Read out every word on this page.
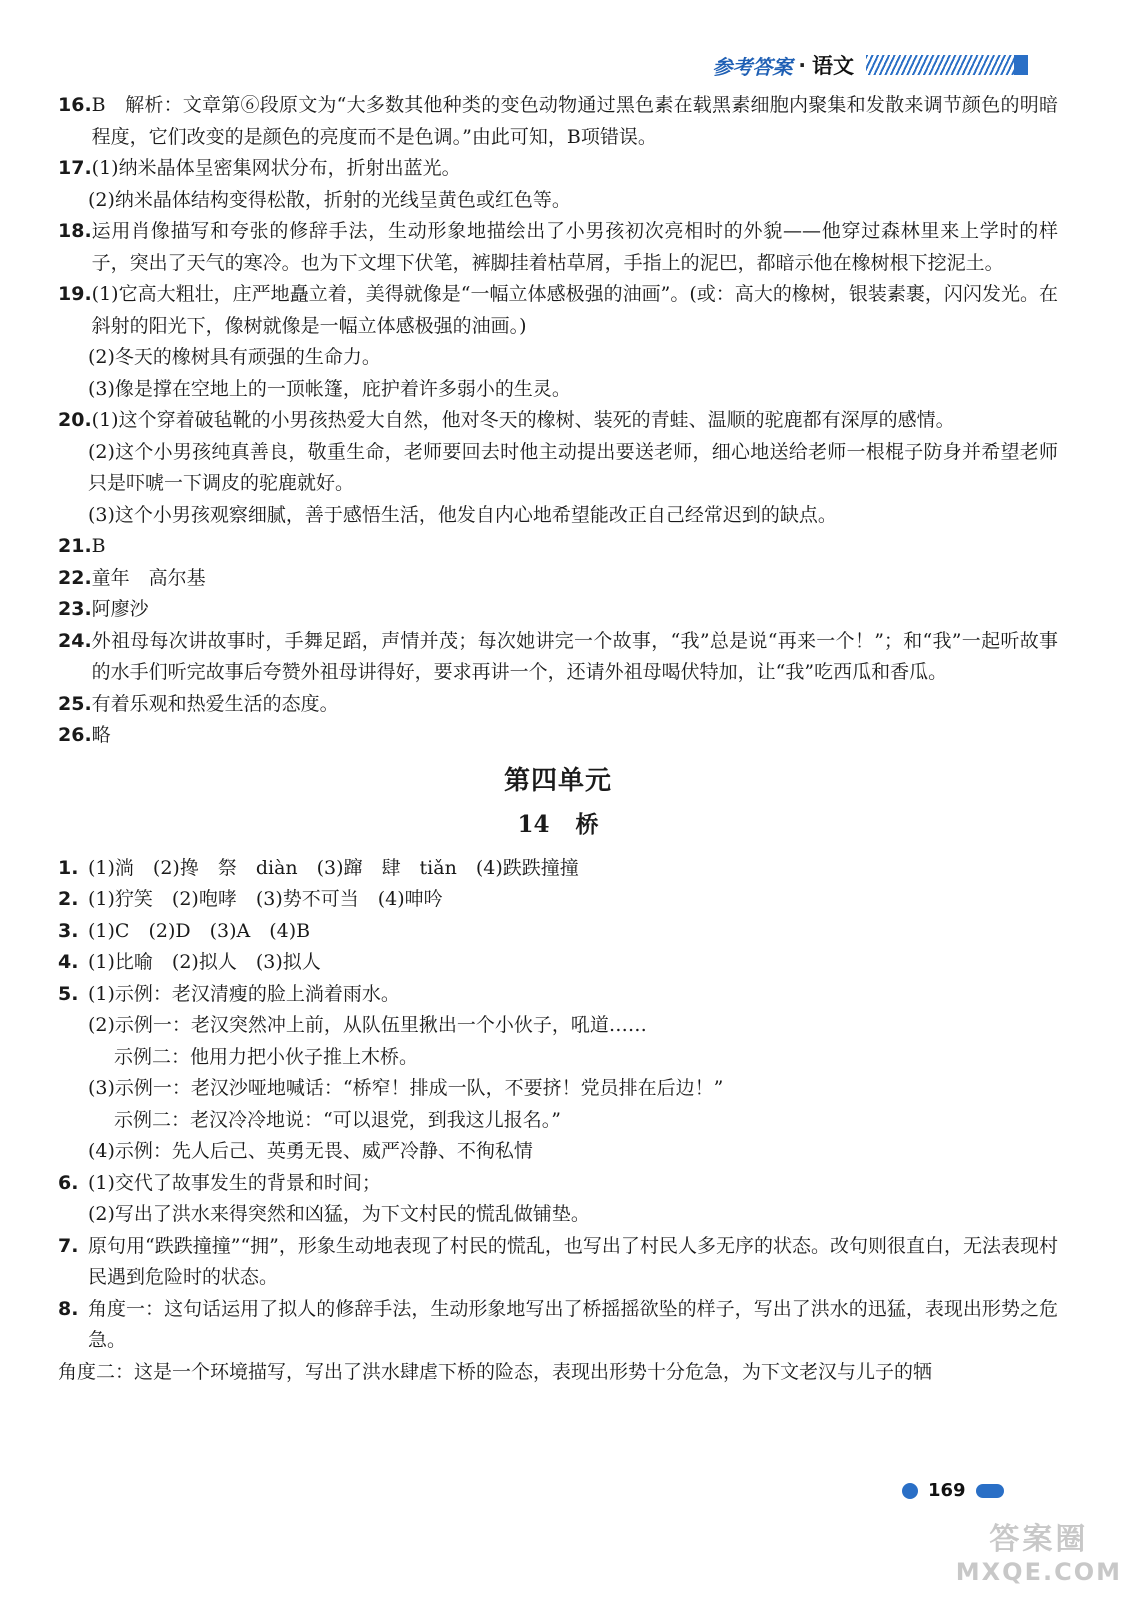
参考答案 · 语文
16. B　解析：文章第⑥段原文为“大多数其他种类的变色动物通过黑色素在载黑素细胞内聚集和发散来调节颜色的明暗程度，它们改变的是颜色的亮度而不是色调。”由此可知，B项错误。
17. (1)纳米晶体呈密集网状分布，折射出蓝光。
(2)纳米晶体结构变得松散，折射的光线呈黄色或红色等。
18. 运用肖像描写和夸张的修辞手法，生动形象地描绘出了小男孩初次亮相时的外貌——他穿过森林里来上学时的样子，突出了天气的寒冷。也为下文埋下伏笔，裤脚挂着枯草屑，手指上的泥巴，都暗示他在橡树根下挖泥土。
19. (1)它高大粗壮，庄严地矗立着，美得就像是“一幅立体感极强的油画”。(或：高大的橡树，银装素裹，闪闪发光。在斜射的阳光下，像树就像是一幅立体感极强的油画。)
(2)冬天的橡树具有顽强的生命力。
(3)像是撑在空地上的一顶帐篷，庇护着许多弱小的生灵。
20. (1)这个穿着破毡靴的小男孩热爱大自然，他对冬天的橡树、装死的青蛙、温顺的驼鹿都有深厚的感情。
(2)这个小男孩纯真善良，敬重生命，老师要回去时他主动提出要送老师，细心地送给老师一根棍子防身并希望老师只是吓唬一下调皮的驼鹿就好。
(3)这个小男孩观察细腻，善于感悟生活，他发自内心地希望能改正自己经常迟到的缺点。
21. B
22. 童年　高尔基
23. 阿廖沙
24. 外祖母每次讲故事时，手舞足蹈，声情并茂；每次她讲完一个故事，“我”总是说“再来一个！”；和“我”一起听故事的水手们听完故事后夸赞外祖母讲得好，要求再讲一个，还请外祖母喝伏特加，让“我”吃西瓜和香瓜。
25. 有着乐观和热爱生活的态度。
26. 略
第四单元
14 桥
1. (1)淌　(2)搀　祭　diàn　(3)蹿　肆　tiǎn　(4)跌跌撞撞
2. (1)狞笑　(2)咆哮　(3)势不可当　(4)呻吟
3. (1)C　(2)D　(3)A　(4)B
4. (1)比喻　(2)拟人　(3)拟人
5. (1)示例：老汉清瘦的脸上淌着雨水。
(2)示例一：老汉突然冲上前，从队伍里揪出一个小伙子，吼道……
示例二：他用力把小伙子推上木桥。
(3)示例一：老汉沙哑地喊话：“桥窄！排成一队，不要挤！党员排在后边！”
示例二：老汉冷冷地说：“可以退党，到我这儿报名。”
(4)示例：先人后己、英勇无畏、威严冷静、不徇私情
6. (1)交代了故事发生的背景和时间；
(2)写出了洪水来得突然和凶猛，为下文村民的慌乱做铺垫。
7. 原句用“跌跌撞撞”“拥”，形象生动地表现了村民的慌乱，也写出了村民人多无序的状态。改句则很直白，无法表现村民遇到危险时的状态。
8. 角度一：这句话运用了拟人的修辞手法，生动形象地写出了桥摇摇欲坠的样子，写出了洪水的迅猛，表现出形势之危急。
角度二：这是一个环境描写，写出了洪水肆虐下桥的险态，表现出形势十分危急，为下文老汉与儿子的牺
169
答案圈
MXQE.COM
